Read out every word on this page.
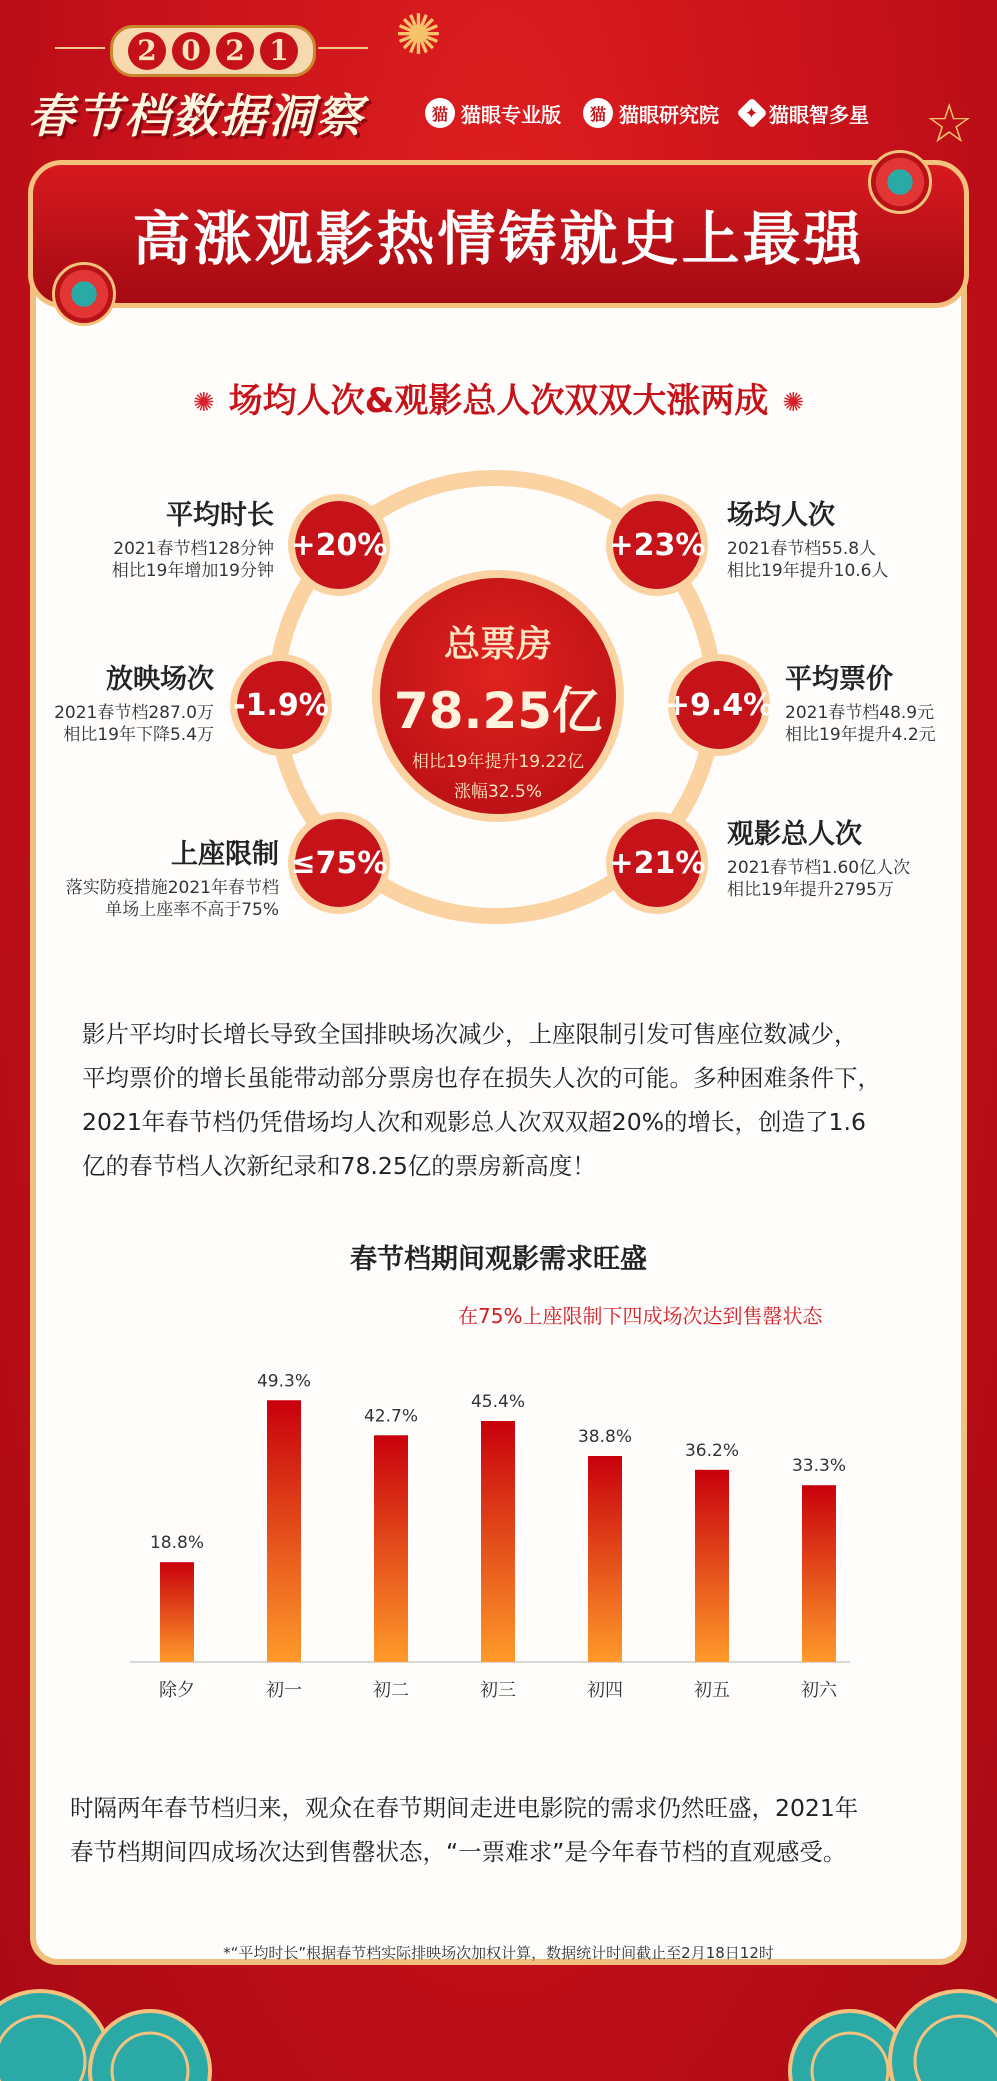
2 0 2 1 ✺
☆
春节档数据洞察	猫 猫眼专业版	猫 猫眼研究院 ✦ 猫眼智多星
高涨观影热情铸就史上最强
✺ 场均人次&观影总人次双双大涨两成 ✺
总票房
78.25亿
相比19年提升19.22亿
涨幅32.5%
+20%
-1.9%
≤75%
+23%
+9.4%
+21%
平均时长
2021春节档128分钟
相比19年增加19分钟
放映场次
2021春节档287.0万
相比19年下降5.4万
上座限制
落实防疫措施2021年春节档
单场上座率不高于75%
场均人次
2021春节档55.8人
相比19年提升10.6人
平均票价
2021春节档48.9元
相比19年提升4.2元
观影总人次
2021春节档1.60亿人次
相比19年提升2795万
影片平均时长增长导致全国排映场次减少，上座限制引发可售座位数减少，
平均票价的增长虽能带动部分票房也存在损失人次的可能。多种困难条件下，
2021年春节档仍凭借场均人次和观影总人次双双超20%的增长，创造了1.6
亿的春节档人次新纪录和78.25亿的票房新高度！
春节档期间观影需求旺盛
在75%上座限制下四成场次达到售罄状态
18.8%
除夕
49.3%
初一
42.7%
初二
45.4%
初三
38.8%
初四
36.2%
初五
33.3%
初六
时隔两年春节档归来，观众在春节期间走进电影院的需求仍然旺盛，2021年
春节档期间四成场次达到售罄状态，“一票难求”是今年春节档的直观感受。
*“平均时长”根据春节档实际排映场次加权计算，数据统计时间截止至2月18日12时
